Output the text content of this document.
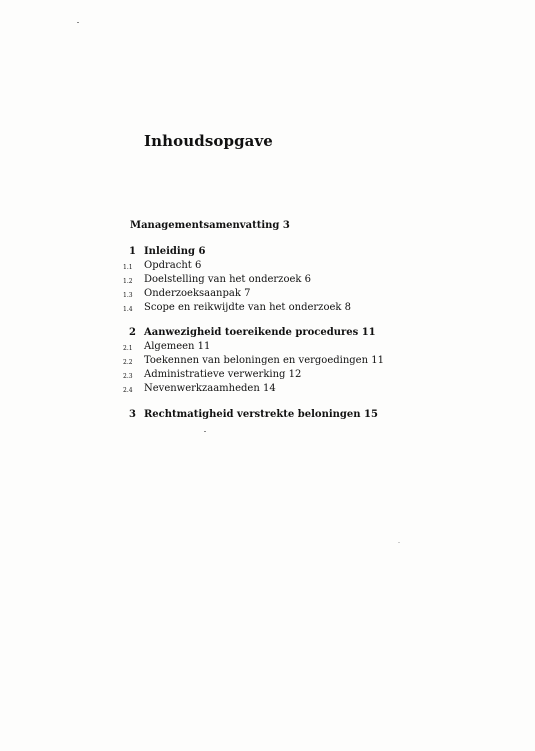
Inhoudsopgave
Managementsamenvatting 3
1 Inleiding 6
1.1	Opdracht 6
1.2	Doelstelling van het onderzoek 6
1.3	Onderzoeksaanpak 7
1.4	Scope en reikwijdte van het onderzoek 8
2 Aanwezigheid toereikende procedures 11
2.1	Algemeen 11
2.2	Toekennen van beloningen en vergoedingen 11
2.3	Administratieve verwerking 12
2.4	Nevenwerkzaamheden 14
3 Rechtmatigheid verstrekte beloningen 15
